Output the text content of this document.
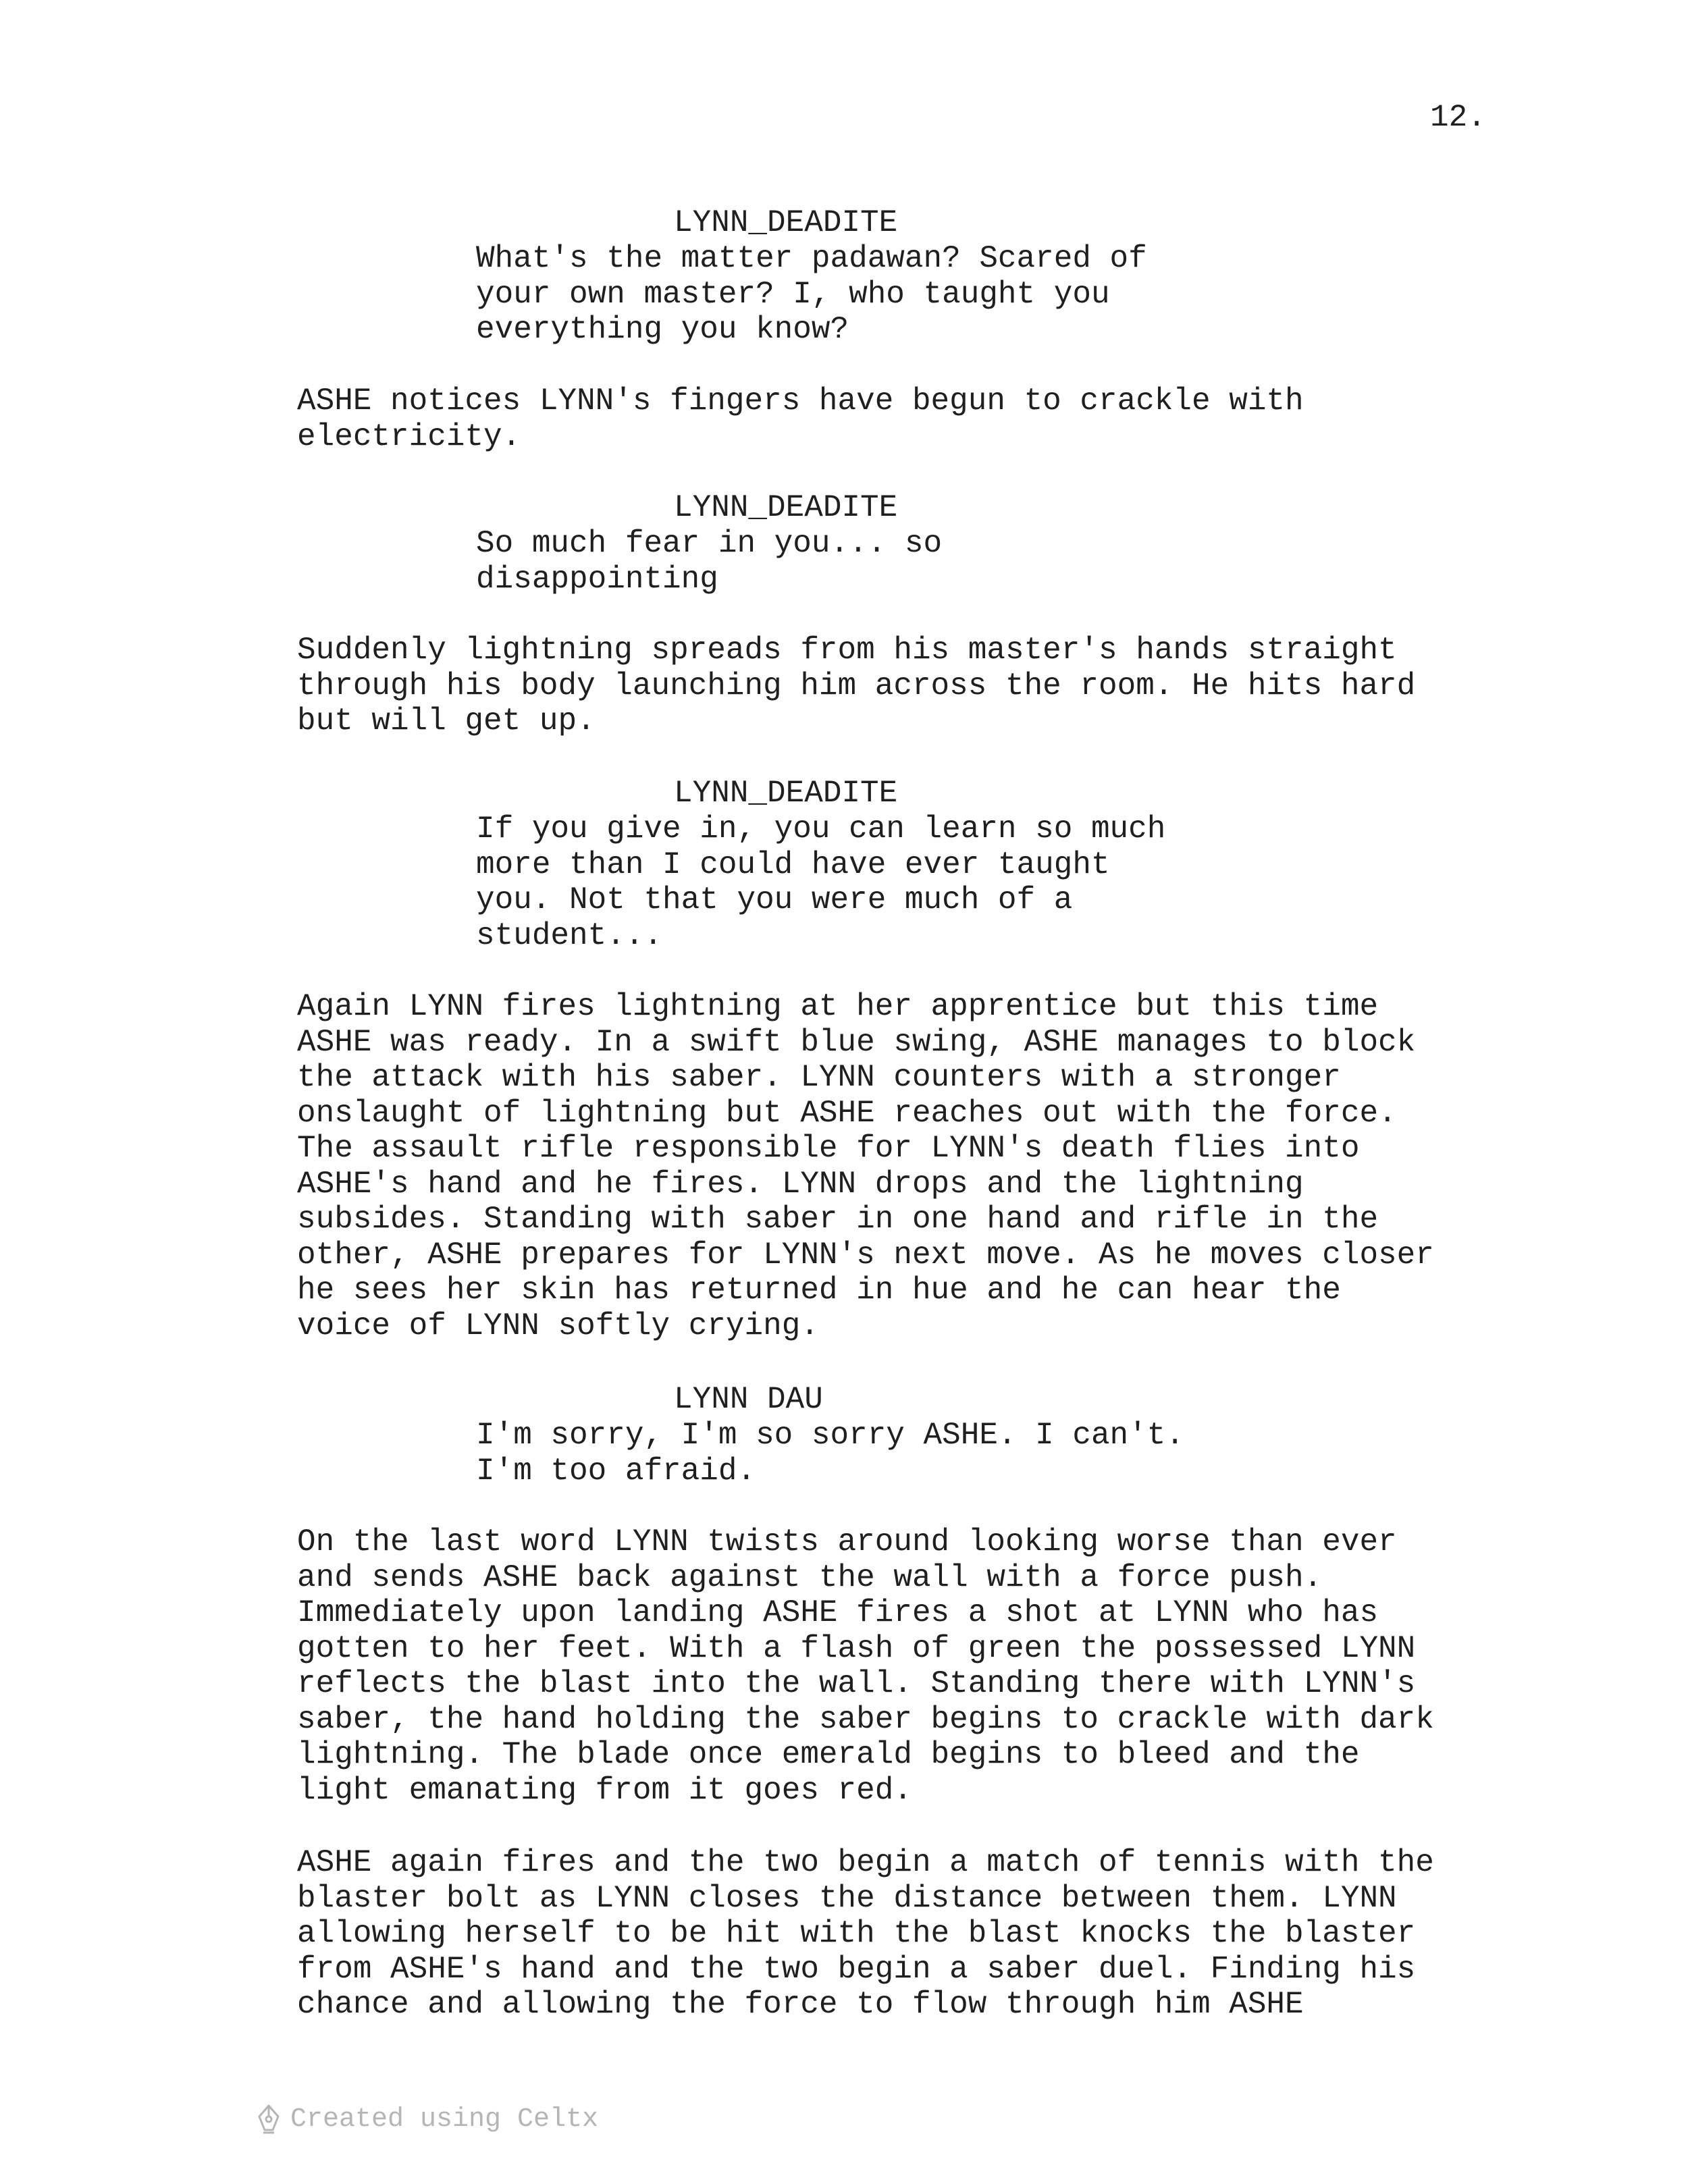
12.
LYNN_DEADITE
What's the matter padawan? Scared of
your own master? I, who taught you
everything you know?
ASHE notices LYNN's fingers have begun to crackle with
electricity.
LYNN_DEADITE
So much fear in you... so
disappointing
Suddenly lightning spreads from his master's hands straight
through his body launching him across the room. He hits hard
but will get up.
LYNN_DEADITE
If you give in, you can learn so much
more than I could have ever taught
you. Not that you were much of a
student...
Again LYNN fires lightning at her apprentice but this time
ASHE was ready. In a swift blue swing, ASHE manages to block
the attack with his saber. LYNN counters with a stronger
onslaught of lightning but ASHE reaches out with the force.
The assault rifle responsible for LYNN's death flies into
ASHE's hand and he fires. LYNN drops and the lightning
subsides. Standing with saber in one hand and rifle in the
other, ASHE prepares for LYNN's next move. As he moves closer
he sees her skin has returned in hue and he can hear the
voice of LYNN softly crying.
LYNN DAU
I'm sorry, I'm so sorry ASHE. I can't.
I'm too afraid.
On the last word LYNN twists around looking worse than ever
and sends ASHE back against the wall with a force push.
Immediately upon landing ASHE fires a shot at LYNN who has
gotten to her feet. With a flash of green the possessed LYNN
reflects the blast into the wall. Standing there with LYNN's
saber, the hand holding the saber begins to crackle with dark
lightning. The blade once emerald begins to bleed and the
light emanating from it goes red.
ASHE again fires and the two begin a match of tennis with the
blaster bolt as LYNN closes the distance between them. LYNN
allowing herself to be hit with the blast knocks the blaster
from ASHE's hand and the two begin a saber duel. Finding his
chance and allowing the force to flow through him ASHE
Created using Celtx
